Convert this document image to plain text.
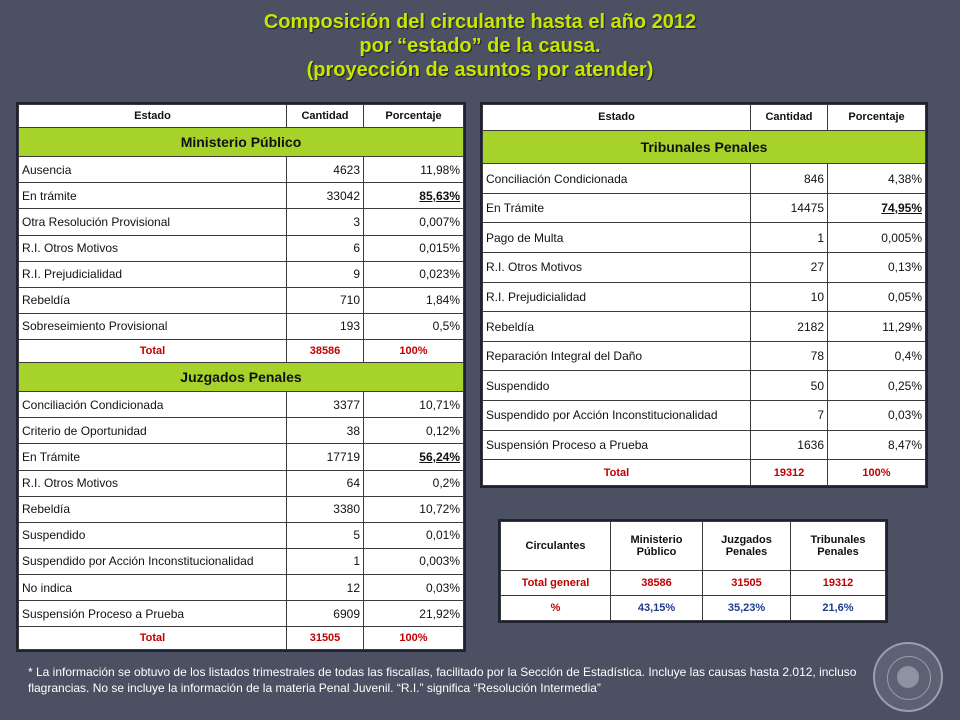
Composición del circulante hasta el año 2012
por “estado” de la causa.
(proyección de asuntos por atender)
Estado	Cantidad	Porcentaje
Ministerio Público		
Ausencia	4623	11,98%
En trámite	33042	85,63%
Otra Resolución Provisional	3	0,007%
R.I. Otros Motivos	6	0,015%
R.I. Prejudicialidad	9	0,023%
Rebeldía	710	1,84%
Sobreseimiento Provisional	193	0,5%
Total	38586	100%
Juzgados Penales		
Conciliación Condicionada	3377	10,71%
Criterio de Oportunidad	38	0,12%
En Trámite	17719	56,24%
R.I. Otros Motivos	64	0,2%
Rebeldía	3380	10,72%
Suspendido	5	0,01%
Suspendido por Acción Inconstitucionalidad	1	0,003%
No indica	12	0,03%
Suspensión Proceso a Prueba	6909	21,92%
Total	31505	100%
Estado	Cantidad	Porcentaje
Tribunales Penales		
Conciliación Condicionada	846	4,38%
En Trámite	14475	74,95%
Pago de Multa	1	0,005%
R.I. Otros Motivos	27	0,13%
R.I. Prejudicialidad	10	0,05%
Rebeldía	2182	11,29%
Reparación Integral del Daño	78	0,4%
Suspendido	50	0,25%
Suspendido por Acción Inconstitucionalidad	7	0,03%
Suspensión Proceso a Prueba	1636	8,47%
Total	19312	100%
Circulantes	Ministerio Público	Juzgados Penales	Tribunales Penales
Total general	38586	31505	19312
%	43,15%	35,23%	21,6%
* La información se obtuvo de los listados trimestrales de todas las fiscalías, facilitado por la Sección de Estadística. Incluye las causas hasta 2.012, incluso flagrancias. No se incluye la información de la materia Penal Juvenil. “R.I.” significa “Resolución Intermedia”
